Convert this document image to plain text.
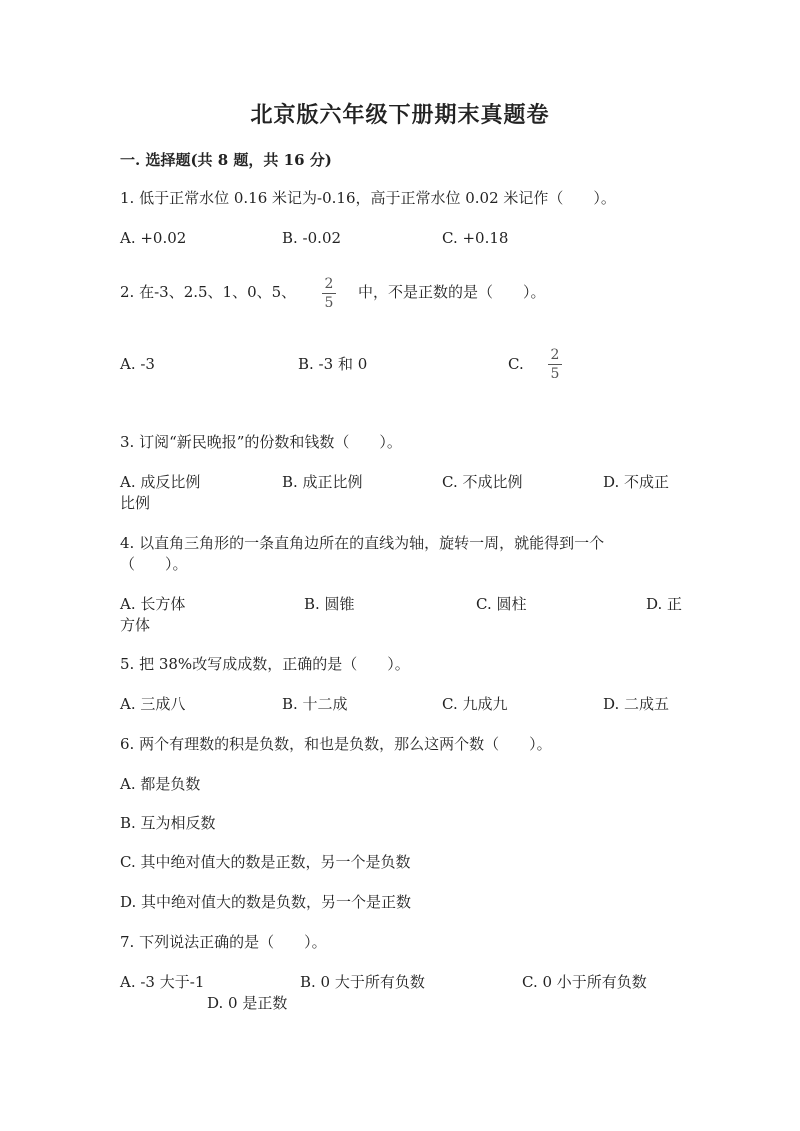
北京版六年级下册期末真题卷
一. 选择题(共 8 题，共 16 分)
1. 低于正常水位 0.16 米记为-0.16，高于正常水位 0.02 米记作（　　）。
A. +0.02	B. -0.02	C. +0.18
2. 在-3、2.5、1、0、5、 2
5
中，不是正数的是（　　）。
A. -3	B. -3 和 0	C. 2
5
3. 订阅“新民晚报”的份数和钱数（　　）。
A. 成反比例	B. 成正比例	C. 不成比例	D. 不成正
比例
4. 以直角三角形的一条直角边所在的直线为轴，旋转一周，就能得到一个
（　　）。
A. 长方体	B. 圆锥	C. 圆柱	D. 正
方体
5. 把 38%改写成成数，正确的是（　　）。
A. 三成八	B. 十二成	C. 九成九	D. 二成五
6. 两个有理数的积是负数，和也是负数，那么这两个数（　　）。
A. 都是负数
B. 互为相反数
C. 其中绝对值大的数是正数，另一个是负数
D. 其中绝对值大的数是负数，另一个是正数
7. 下列说法正确的是（　　）。
A. -3 大于-1	B. 0 大于所有负数	C. 0 小于所有负数
D. 0 是正数
